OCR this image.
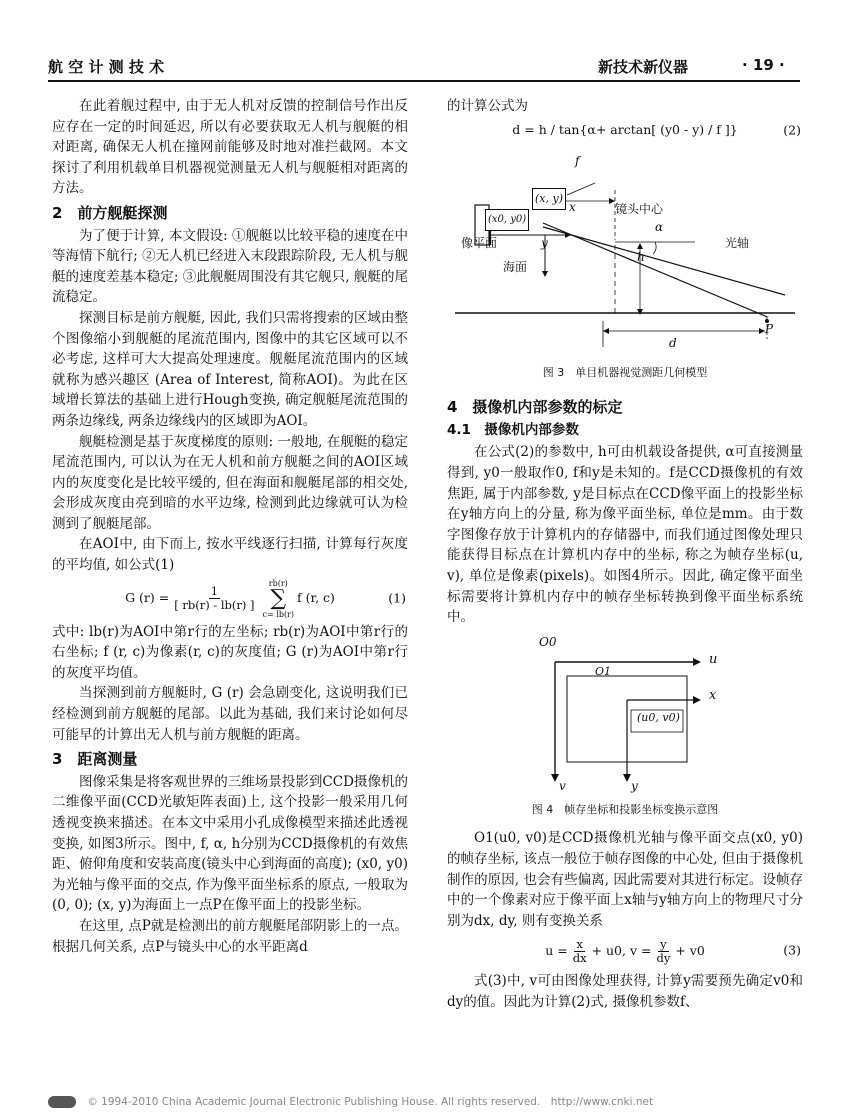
航 空 计 测 技 术	新技术新仪器	· 19 ·

在此着舰过程中, 由于无人机对反馈的控制信号作出反应存在一定的时间延迟, 所以有必要获取无人机与舰艇的相对距离, 确保无人机在撞网前能够及时地对准拦截网。本文探讨了利用机载单目机器视觉测量无人机与舰艇相对距离的方法。

2　前方舰艇探测

为了便于计算, 本文假设: ①舰艇以比较平稳的速度在中等海情下航行; ②无人机已经进入末段跟踪阶段, 无人机与舰艇的速度差基本稳定; ③此舰艇周围没有其它舰只, 舰艇的尾流稳定。

探测目标是前方舰艇, 因此, 我们只需将搜索的区域由整个图像缩小到舰艇的尾流范围内, 图像中的其它区域可以不必考虑, 这样可大大提高处理速度。舰艇尾流范围内的区域就称为感兴趣区 (Area of Interest, 简称AOI)。为此在区域增长算法的基础上进行Hough变换, 确定舰艇尾流范围的两条边缘线, 两条边缘线内的区域即为AOI。

舰艇检测是基于灰度梯度的原则: 一般地, 在舰艇的稳定尾流范围内, 可以认为在无人机和前方舰艇之间的AOI区域内的灰度变化是比较平缓的, 但在海面和舰艇尾部的相交处, 会形成灰度由亮到暗的水平边缘, 检测到此边缘就可认为检测到了舰艇尾部。

在AOI中, 由下而上, 按水平线逐行扫描, 计算每行灰度的平均值, 如公式(1)

G $(r) = \frac{1}{[ rb(r) - lb(r) ]}$
rb(r)
∑
c= lb(r)
f (r, c)	(1)

式中: lb(r)为AOI中第r行的左坐标; rb(r)为AOI中第r行的右坐标; f (r, c)为像素(r, c)的灰度值; G (r)为AOI中第r行的灰度平均值。

当探测到前方舰艇时, G (r) 会急剧变化, 这说明我们已经检测到前方舰艇的尾部。以此为基础, 我们来讨论如何尽可能早的计算出无人机与前方舰艇的距离。

3　距离测量

图像采集是将客观世界的三维场景投影到CCD摄像机的二维像平面(CCD光敏矩阵表面)上, 这个投影一般采用几何透视变换来描述。在本文中采用小孔成像模型来描述此透视变换, 如图3所示。图中, f, α, h分别为CCD摄像机的有效焦距、俯仰角度和安装高度(镜头中心到海面的高度); (x0, y0)为光轴与像平面的交点, 作为像平面坐标系的原点, 一般取为(0, 0); (x, y)为海面上一点P在像平面上的投影坐标。

在这里, 点P就是检测出的前方舰艇尾部阴影上的一点。根据几何关系, 点P与镜头中心的水平距离d

的计算公式为

d = h / tan{α+ arctan[ (y0 - y) / f ]}	(2)
f
(x, y)
x
(x0, y0)
镜头中心
α
像平面	y	光轴
h
海面
d
P
图 3　单目机器视觉测距几何模型
4　摄像机内部参数的标定
4.1　摄像机内部参数

在公式(2)的参数中, h可由机载设备提供, α可直接测量得到, y0一般取作0, f和y是未知的。f是CCD摄像机的有效焦距, 属于内部参数, y是目标点在CCD像平面上的投影坐标在y轴方向上的分量, 称为像平面坐标, 单位是mm。由于数字图像存放于计算机内的存储器中, 而我们通过图像处理只能获得目标点在计算机内存中的坐标, 称之为帧存坐标(u, v), 单位是像素(pixels)。如图4所示。因此, 确定像平面坐标需要将计算机内存中的帧存坐标转换到像平面坐标系统中。

O0
u
O1
x
(u0, v0)
v	y
图 4　帧存坐标和投影坐标变换示意图

O1(u0, v0)是CCD摄像机光轴与像平面交点(x0, y0)的帧存坐标, 该点一般位于帧存图像的中心处, 但由于摄像机制作的原因, 也会有些偏离, 因此需要对其进行标定。设帧存中的一个像素对应于像平面上x轴与y轴方向上的物理尺寸分别为dx, dy, 则有变换关系

$u = \frac{x}{dx} + u0$, $v = \frac{y}{dy} + v0$	(3)

式(3)中, v可由图像处理获得, 计算y需要预先确定v0和dy的值。因此为计算(2)式, 摄像机参数f、

© 1994-2010 China Academic Journal Electronic Publishing House. All rights reserved.　http://www.cnki.net
